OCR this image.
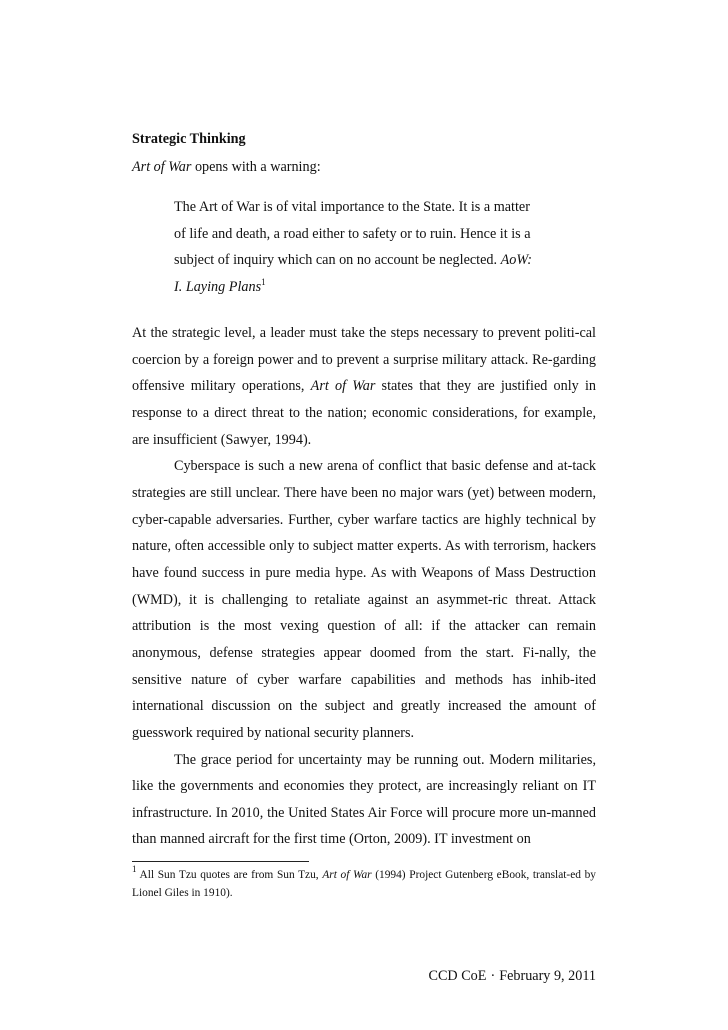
Strategic Thinking

Art of War opens with a warning:

The Art of War is of vital importance to the State. It is a matter
of life and death, a road either to safety or to ruin. Hence it is a
subject of inquiry which can on no account be neglected. AoW:
I. Laying Plans$^1$

At the strategic level, a leader must take the steps necessary to prevent politi-cal coercion by a foreign power and to prevent a surprise military attack. Re-garding offensive military operations, Art of War states that they are justified only in response to a direct threat to the nation; economic considerations, for example, are insufficient (Sawyer, 1994).

Cyberspace is such a new arena of conflict that basic defense and at-tack strategies are still unclear. There have been no major wars (yet) between modern, cyber-capable adversaries. Further, cyber warfare tactics are highly technical by nature, often accessible only to subject matter experts. As with terrorism, hackers have found success in pure media hype. As with Weapons of Mass Destruction (WMD), it is challenging to retaliate against an asymmet-ric threat. Attack attribution is the most vexing question of all: if the attacker can remain anonymous, defense strategies appear doomed from the start. Fi-nally, the sensitive nature of cyber warfare capabilities and methods has inhib-ited international discussion on the subject and greatly increased the amount of guesswork required by national security planners.

The grace period for uncertainty may be running out. Modern militaries, like the governments and economies they protect, are increasingly reliant on IT infrastructure. In 2010, the United States Air Force will procure more un-manned than manned aircraft for the first time (Orton, 2009). IT investment on

$^1$ All Sun Tzu quotes are from Sun Tzu, Art of War (1994) Project Gutenberg eBook, translat-ed by Lionel Giles in 1910).
CCD CoE · February 9, 2011
